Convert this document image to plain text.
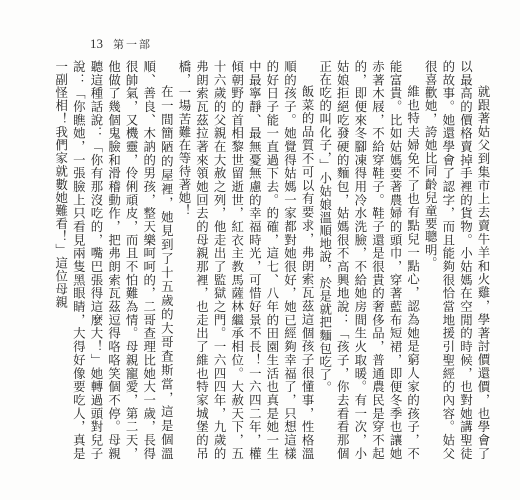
13 第一部

就跟著姑父到集市上去賣牛羊和火雞，學著討價還價，也學會了以最高的價格賣掉手裡的貨物。小姑媽在空閒的時候，也對她講聖徒的故事。她還學會了認字，而且能夠很恰當地援引聖經的內容。姑父很喜歡她，誇她比同齡兒童要聰明。

維也特夫婦免不了也有點兒一點心，認為她是窮人家的孩子，不能富貴。比如姑媽要著農婦的頭巾，穿著藍布短裙，即便冬季也讓她赤著木屐，不給穿鞋子。鞋子還是很貴的奢侈品，普通農民是穿不起的，即便來冬腳凍得用冷水洗臉，不給她房間生火取暖。有一次，小姑娘拒絕吃發硬的麵包，姑媽很不高興地說：「孩子，你去看看那個正在吃的叫化子，」小姑娘溫順地說，於是就把麵包吃了。

飯菜的品質不可以有要求，弗朗索瓦茲這個孩子很懂事，性格溫順的孩子。她覺得姑媽一家都對她很好，她已經夠幸福了，只想這樣的好日子能一直過下去。的確，這七、八年的田園生活也真是她一生中最寧靜、最無憂無慮的幸福時光，可惜好景不長！一六四二年，權傾朝野的首相黎世留逝世，紅衣主教馬薩林繼承相位。大赦天下，五十六歲的父親在大赦之列，他走出了監獄之門。一六四四年，九歲的弗朗索瓦茲拉著來領她回去的母親那裡，也走出了維也特家城堡的吊橋，一場苦難在等待著她！

在一間簡陋的屋裡，她見到了十五歲的大哥査斯當，這是個溫順、善良、木訥的男孩，整天樂呵呵的，二哥查理比她大一歲，長得很帥氣，又機靈，伶俐頑皮，而且不怕難為情。母親寵愛，第二天，他做了幾個鬼臉和滑稽動作，把弗朗索瓦茲逗得咯咯笑個不停。母親聽這種話說：「你有那沒吃的，嘴巴張得這麼大！」她轉過頭對兒子說：「你瞧她，一張臉上只看見兩隻黑眼睛，大得好像要吃人，真是一副怪相！我們家就數她難看！」這位母親
